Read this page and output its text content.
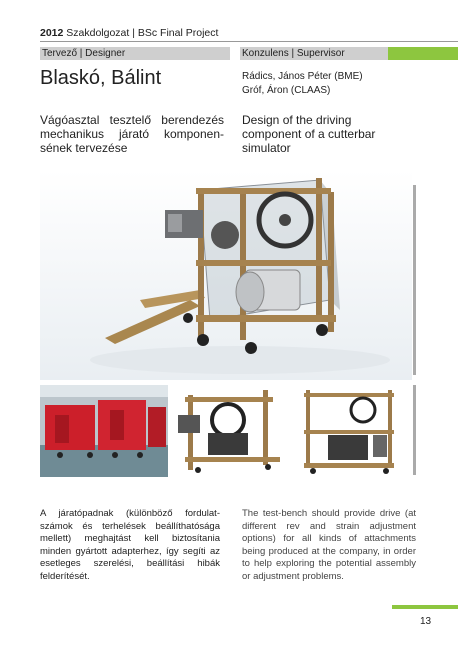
2012 Szakdolgozat | BSc Final Project
Tervező | Designer	Konzulens | Supervisor
Blaskó, Bálint	Rádics, János Péter (BME)
Gróf, Áron (CLAAS)
Vágóasztal tesztelő berendezés mechanikus járató komponen-sének tervezése
Design of the driving component of a cutterbar simulator
A járatópadnak (különböző fordulat-számok és terhelések beállíthatósága mellett) meghajtást kell biztosítania minden gyártott adapterhez, így segíti az esetleges szerelési, beállítási hibák felderítését.
The test-bench should provide drive (at different rev and strain adjustment options) for all kinds of attachments being produced at the company, in order to help exploring the potential assembly or adjustment problems.
13
